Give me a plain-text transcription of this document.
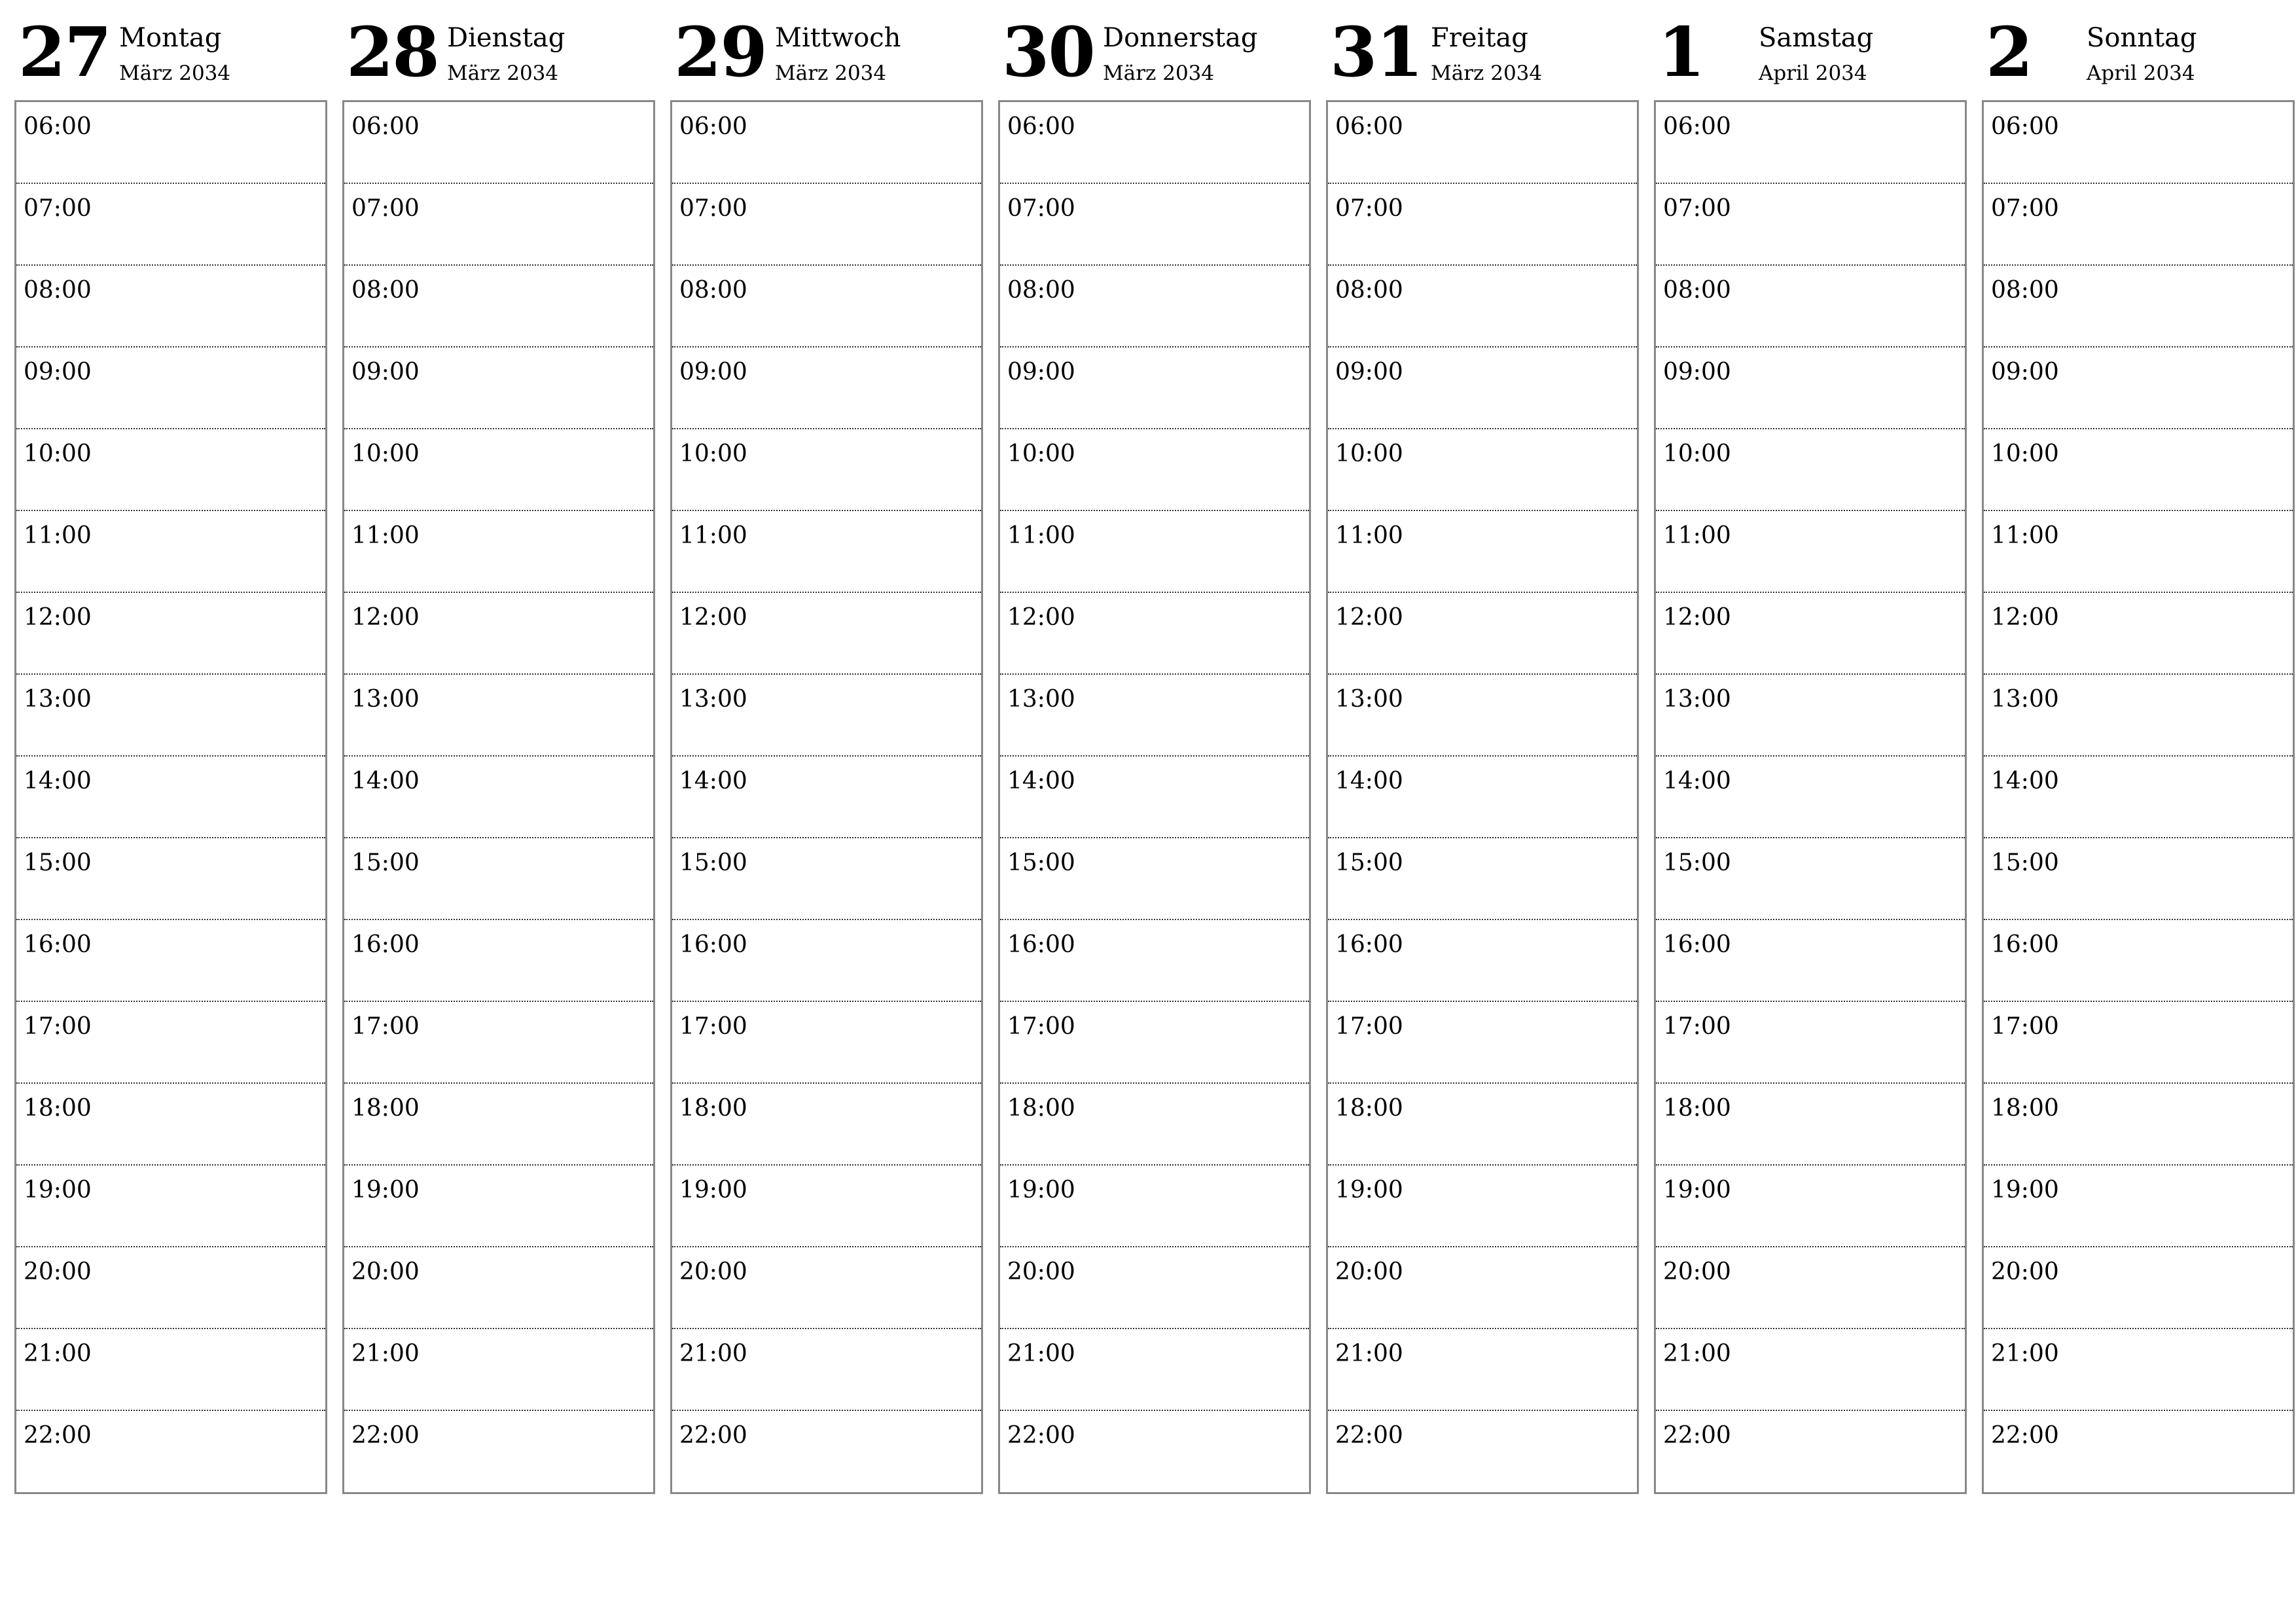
27 Montag
März 2034
06:00
07:00
08:00
09:00
10:00
11:00
12:00
13:00
14:00
15:00
16:00
17:00
18:00
19:00
20:00
21:00
22:00
28 Dienstag
März 2034
06:00
07:00
08:00
09:00
10:00
11:00
12:00
13:00
14:00
15:00
16:00
17:00
18:00
19:00
20:00
21:00
22:00
29 Mittwoch
März 2034
06:00
07:00
08:00
09:00
10:00
11:00
12:00
13:00
14:00
15:00
16:00
17:00
18:00
19:00
20:00
21:00
22:00
30 Donnerstag
März 2034
06:00
07:00
08:00
09:00
10:00
11:00
12:00
13:00
14:00
15:00
16:00
17:00
18:00
19:00
20:00
21:00
22:00
31 Freitag
März 2034
06:00
07:00
08:00
09:00
10:00
11:00
12:00
13:00
14:00
15:00
16:00
17:00
18:00
19:00
20:00
21:00
22:00
1 Samstag
April 2034
06:00
07:00
08:00
09:00
10:00
11:00
12:00
13:00
14:00
15:00
16:00
17:00
18:00
19:00
20:00
21:00
22:00
2 Sonntag
April 2034
06:00
07:00
08:00
09:00
10:00
11:00
12:00
13:00
14:00
15:00
16:00
17:00
18:00
19:00
20:00
21:00
22:00
